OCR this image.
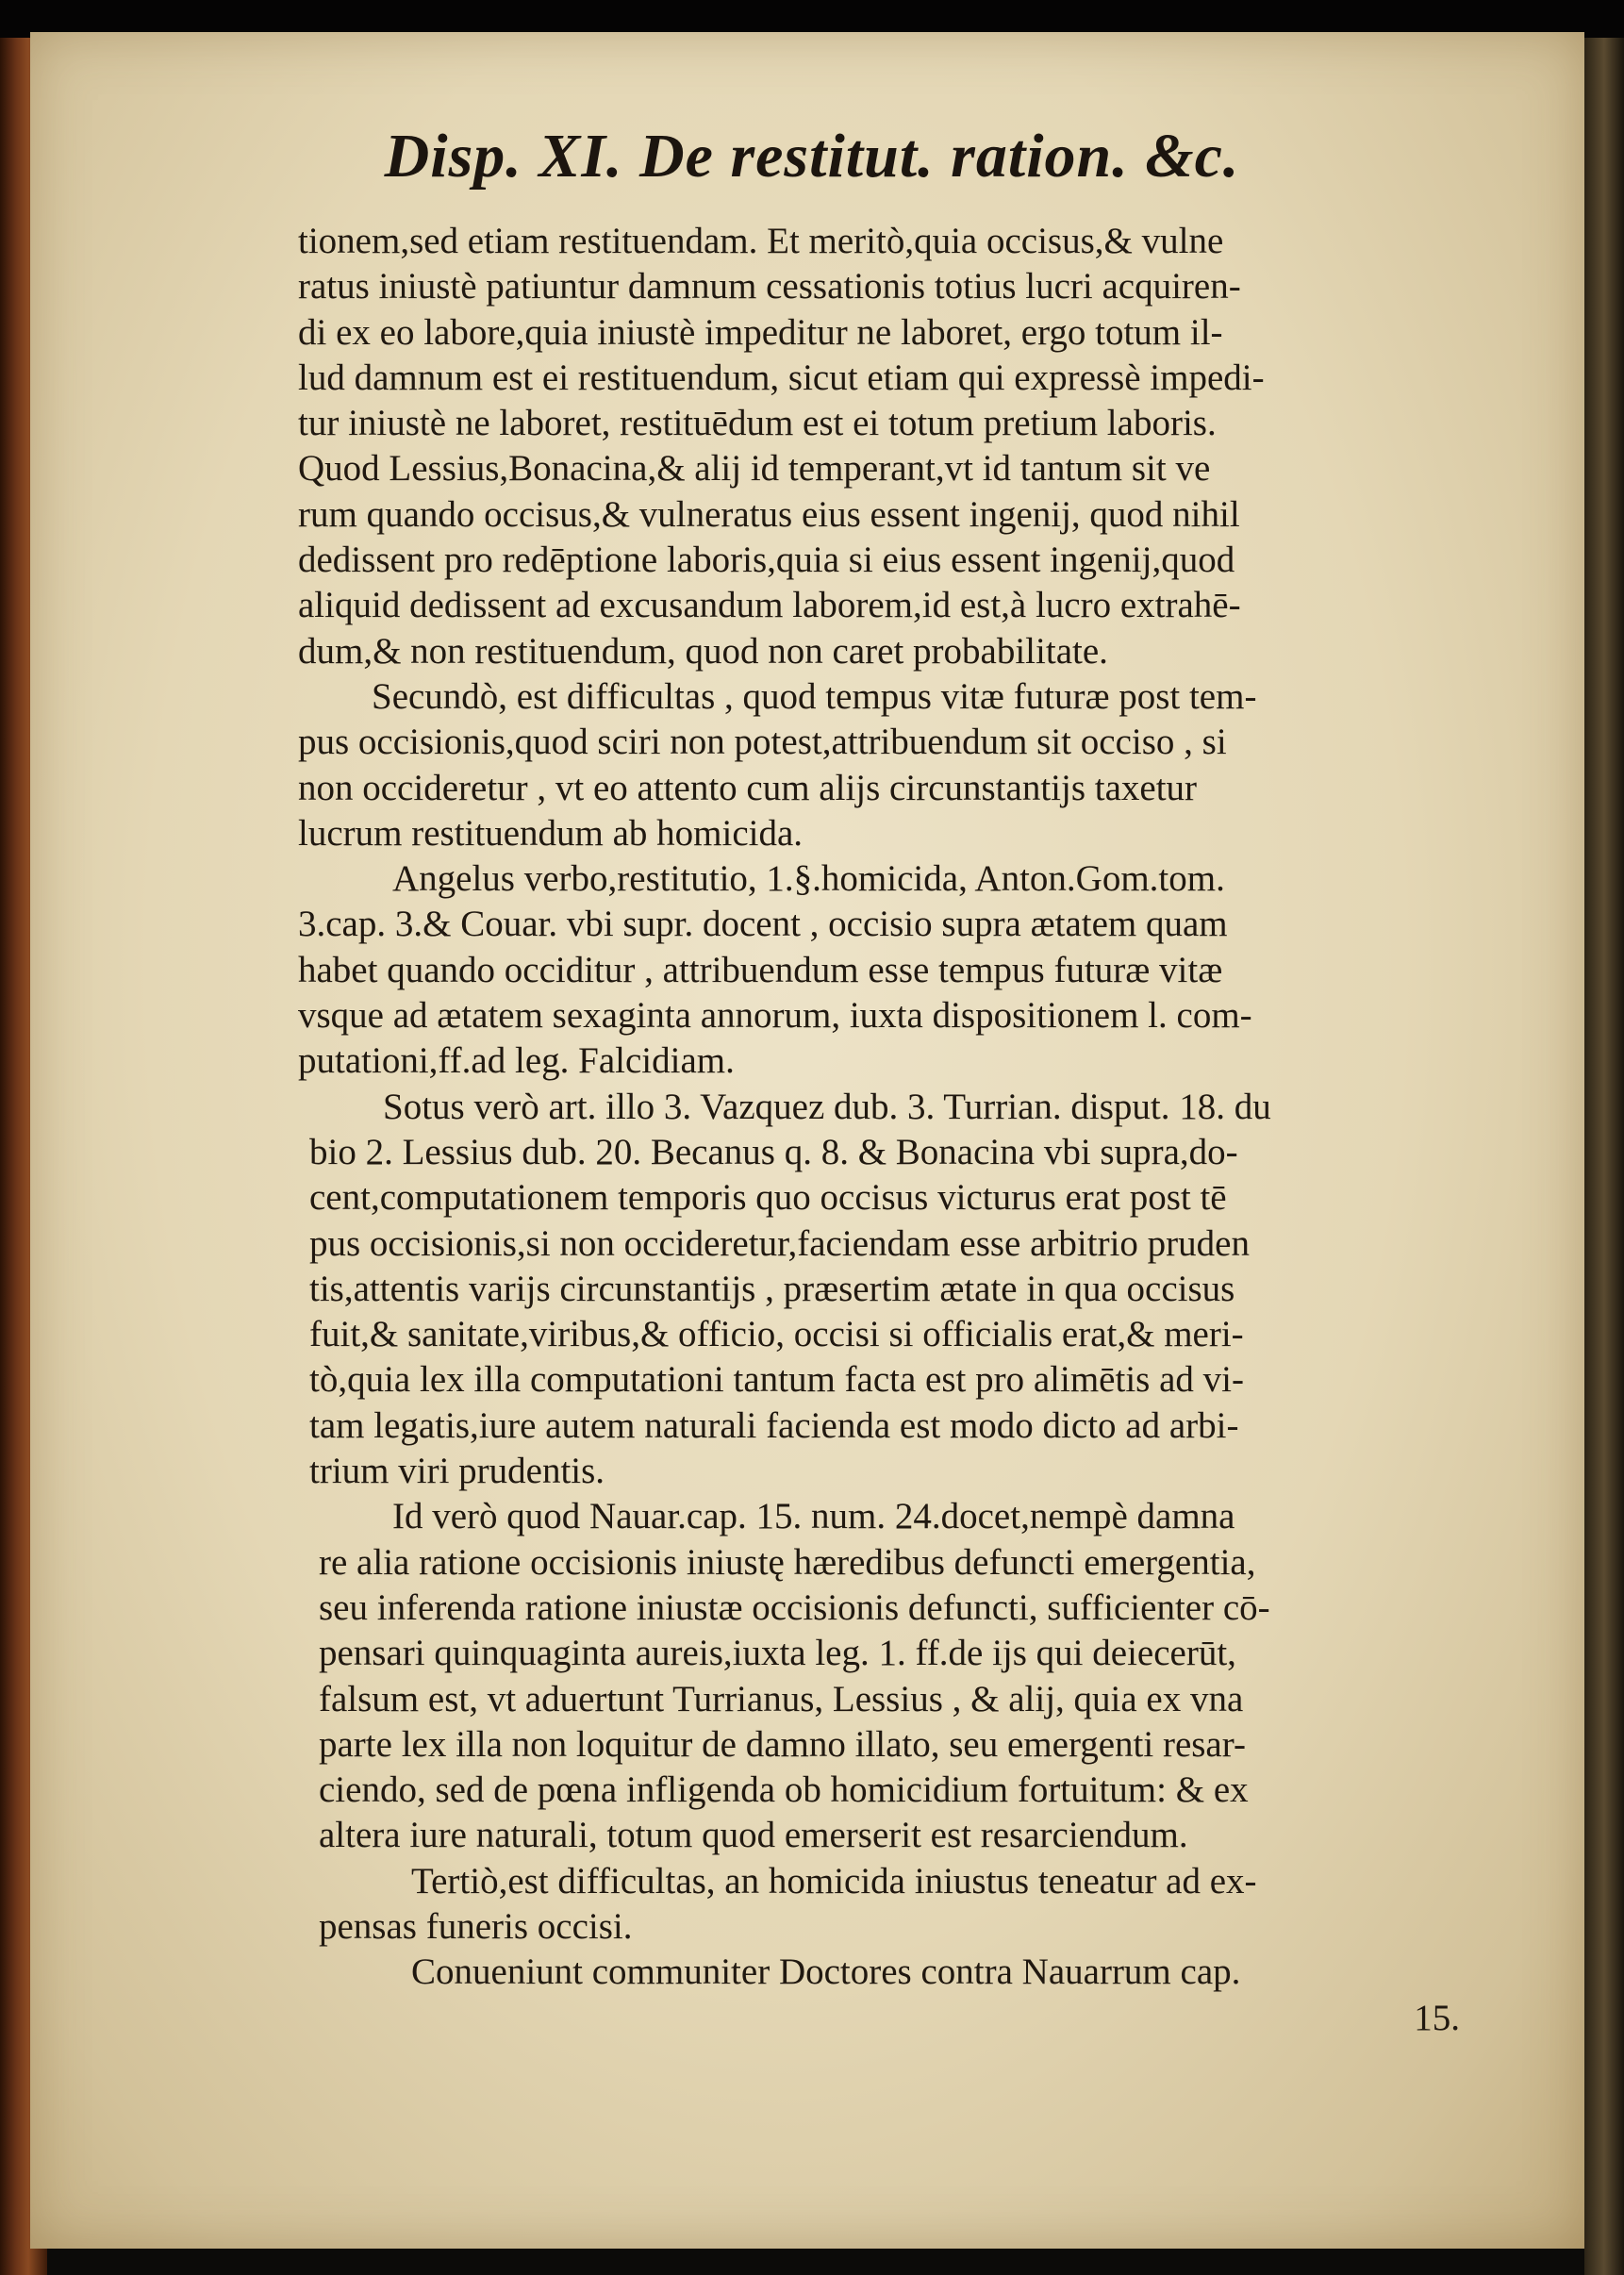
Disp. XI. De restitut. ration. &c.
tionem,sed etiam restituendam. Et meritò,quia occisus,& vulne
ratus iniustè patiuntur damnum cessationis totius lucri acquiren-
di ex eo labore,quia iniustè impeditur ne laboret, ergo totum il-
lud damnum est ei restituendum, sicut etiam qui expressè impedi-
tur iniustè ne laboret, restituēdum est ei totum pretium laboris.
Quod Lessius,Bonacina,& alij id temperant,vt id tantum sit ve
rum quando occisus,& vulneratus eius essent ingenij, quod nihil
dedissent pro redēptione laboris,quia si eius essent ingenij,quod
aliquid dedissent ad excusandum laborem,id est,à lucro extrahē-
dum,& non restituendum, quod non caret probabilitate.
Secundò, est difficultas , quod tempus vitæ futuræ post tem-
pus occisionis,quod sciri non potest,attribuendum sit occiso , si
non occideretur , vt eo attento cum alijs circunstantijs taxetur
lucrum restituendum ab homicida.
Angelus verbo,restitutio, 1.§.homicida, Anton.Gom.tom.
3.cap. 3.& Couar. vbi supr. docent , occisio supra ætatem quam
habet quando occiditur , attribuendum esse tempus futuræ vitæ
vsque ad ætatem sexaginta annorum, iuxta dispositionem l. com-
putationi,ff.ad leg. Falcidiam.
Sotus verò art. illo 3. Vazquez dub. 3. Turrian. disput. 18. du
bio 2. Lessius dub. 20. Becanus q. 8. & Bonacina vbi supra,do-
cent,computationem temporis quo occisus victurus erat post tē
pus occisionis,si non occideretur,faciendam esse arbitrio pruden
tis,attentis varijs circunstantijs , præsertim ætate in qua occisus
fuit,& sanitate,viribus,& officio, occisi si officialis erat,& meri-
tò,quia lex illa computationi tantum facta est pro alimētis ad vi-
tam legatis,iure autem naturali facienda est modo dicto ad arbi-
trium viri prudentis.
Id verò quod Nauar.cap. 15. num. 24.docet,nempè damna
re alia ratione occisionis iniustę hæredibus defuncti emergentia,
seu inferenda ratione iniustæ occisionis defuncti, sufficienter cō-
pensari quinquaginta aureis,iuxta leg. 1. ff.de ijs qui deiecerūt,
falsum est, vt aduertunt Turrianus, Lessius , & alij, quia ex vna
parte lex illa non loquitur de damno illato, seu emergenti resar-
ciendo, sed de pœna infligenda ob homicidium fortuitum: & ex
altera iure naturali, totum quod emerserit est resarciendum.
Tertiò,est difficultas, an homicida iniustus teneatur ad ex-
pensas funeris occisi.
Conueniunt communiter Doctores contra Nauarrum cap.
15.
